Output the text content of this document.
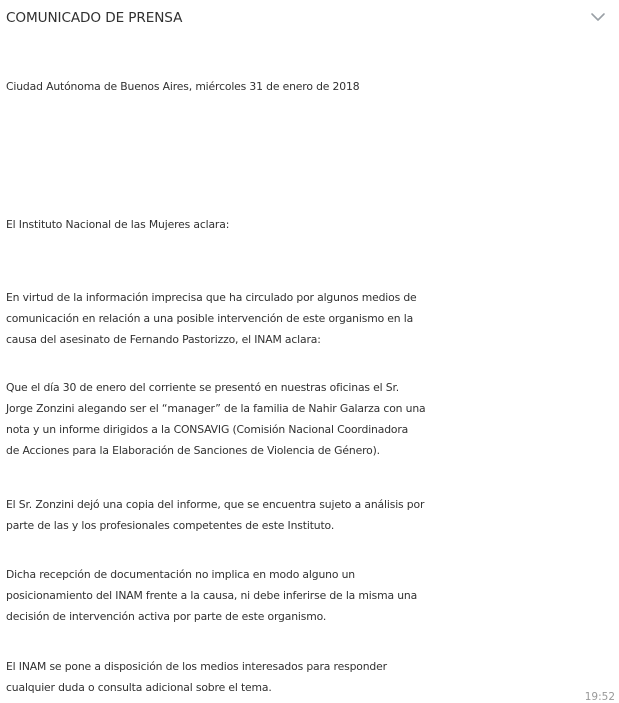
COMUNICADO DE PRENSA

Ciudad Autónoma de Buenos Aires, miércoles 31 de enero de 2018

El Instituto Nacional de las Mujeres aclara:

En virtud de la información imprecisa que ha circulado por algunos medios de
comunicación en relación a una posible intervención de este organismo en la
causa del asesinato de Fernando Pastorizzo, el INAM aclara:

Que el día 30 de enero del corriente se presentó en nuestras oficinas el Sr.
Jorge Zonzini alegando ser el “manager” de la familia de Nahir Galarza con una
nota y un informe dirigidos a la CONSAVIG (Comisión Nacional Coordinadora
de Acciones para la Elaboración de Sanciones de Violencia de Género).

El Sr. Zonzini dejó una copia del informe, que se encuentra sujeto a análisis por
parte de las y los profesionales competentes de este Instituto.

Dicha recepción de documentación no implica en modo alguno un
posicionamiento del INAM frente a la causa, ni debe inferirse de la misma una
decisión de intervención activa por parte de este organismo.

El INAM se pone a disposición de los medios interesados para responder
cualquier duda o consulta adicional sobre el tema.

19:52
